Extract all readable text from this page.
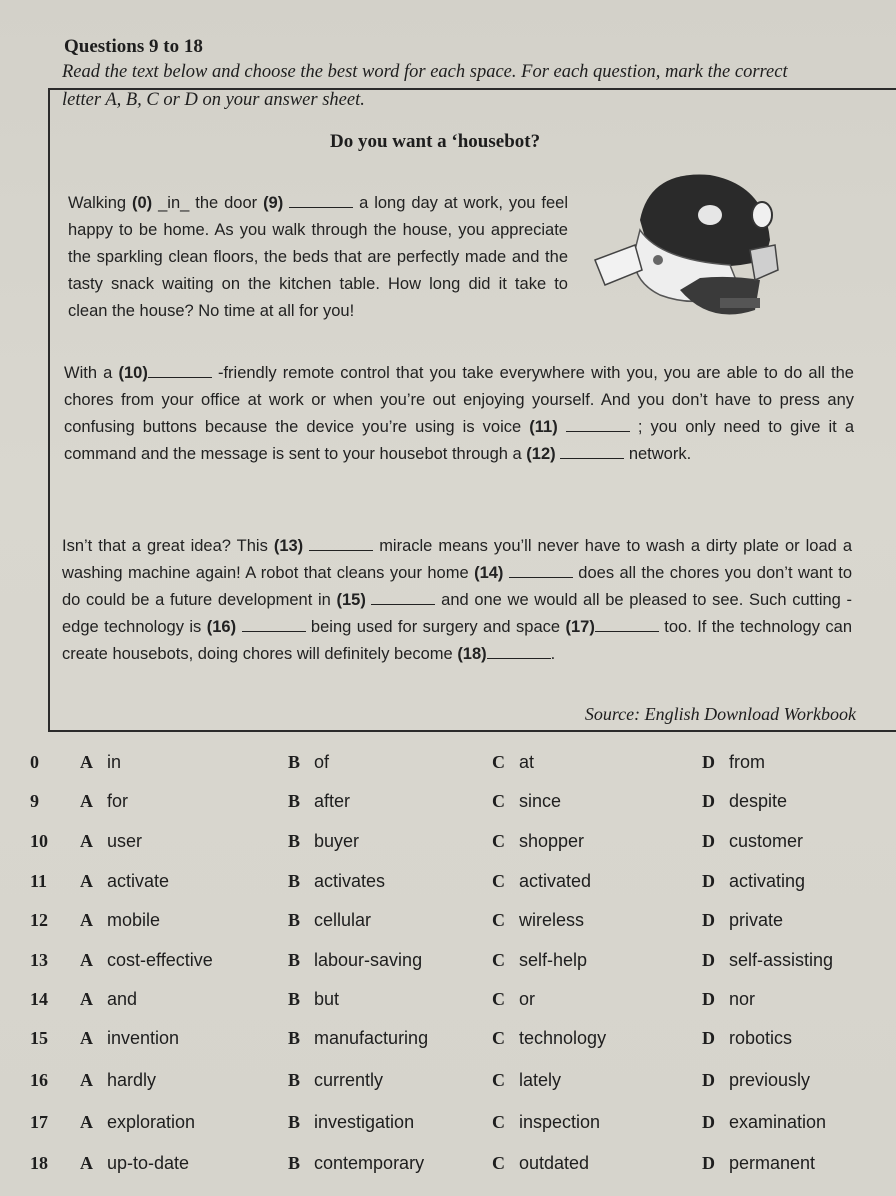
Questions 9 to 18
Read the text below and choose the best word for each space. For each question, mark the correct letter A, B, C or D on your answer sheet.
Do you want a ‘housebot?
Walking (0) _in_ the door (9)	a long day at work, you feel happy to be home. As you walk through the house, you appreciate the sparkling clean floors, the beds that are perfectly made and the tasty snack waiting on the kitchen table. How long did it take to clean the house? No time at all for you!
With a (10)	-friendly remote control that you take everywhere with you, you are able to do all the chores from your office at work or when you’re out enjoying yourself. And you don’t have to press any confusing buttons because the device you’re using is voice (11)	; you only need to give it a command and the message is sent to your housebot through a (12)	network.
Isn’t that a great idea? This (13)	miracle means you’ll never have to wash a dirty plate or load a washing machine again! A robot that cleans your home (14)	does all the chores you don’t want to do could be a future development in (15)	and one we would all be pleased to see. Such cutting -edge technology is (16)	being used for surgery and space (17)	too. If the technology can create housebots, doing chores will definitely become (18)	.
Source: English Download Workbook
0 A in	B of	C at	D from
9 A for	B after	C since	D despite
10 A user	B buyer	C shopper	D customer
11 A activate	B activates	C activated	D activating
12 A mobile	B cellular	C wireless	D private
13 A cost-effective	B labour-saving	C self-help	D self-assisting
14 A and	B but	C or	D nor
15 A invention	B manufacturing	C technology	D robotics
16 A hardly	B currently	C lately	D previously
17 A exploration	B investigation	C inspection	D examination
18 A up-to-date	B contemporary	C outdated	D permanent
